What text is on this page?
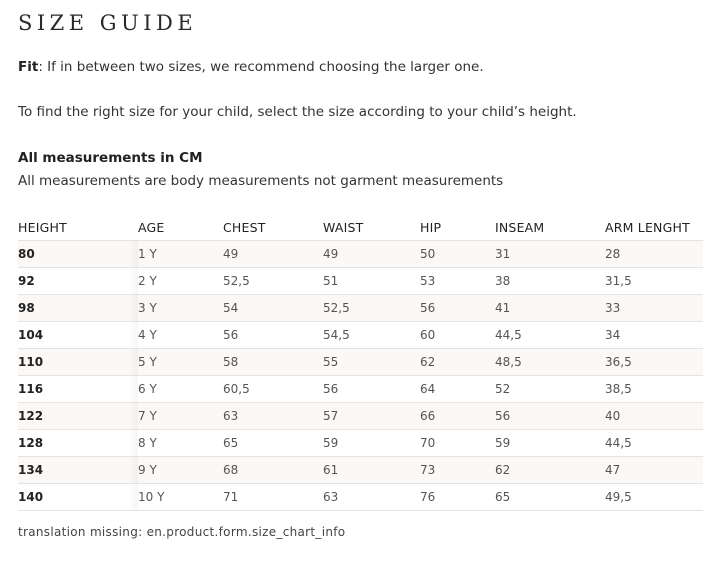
SIZE GUIDE
Fit: If in between two sizes, we recommend choosing the larger one.
To find the right size for your child, select the size according to your child’s height.
All measurements in CM
All measurements are body measurements not garment measurements
HEIGHT	AGE	CHEST	WAIST	HIP	INSEAM	ARM LENGHT
80	1 Y	49	49	50	31	28
92	2 Y	52,5	51	53	38	31,5
98	3 Y	54	52,5	56	41	33
104	4 Y	56	54,5	60	44,5	34
110	5 Y	58	55	62	48,5	36,5
116	6 Y	60,5	56	64	52	38,5
122	7 Y	63	57	66	56	40
128	8 Y	65	59	70	59	44,5
134	9 Y	68	61	73	62	47
140	10 Y	71	63	76	65	49,5
translation missing: en.product.form.size_chart_info
